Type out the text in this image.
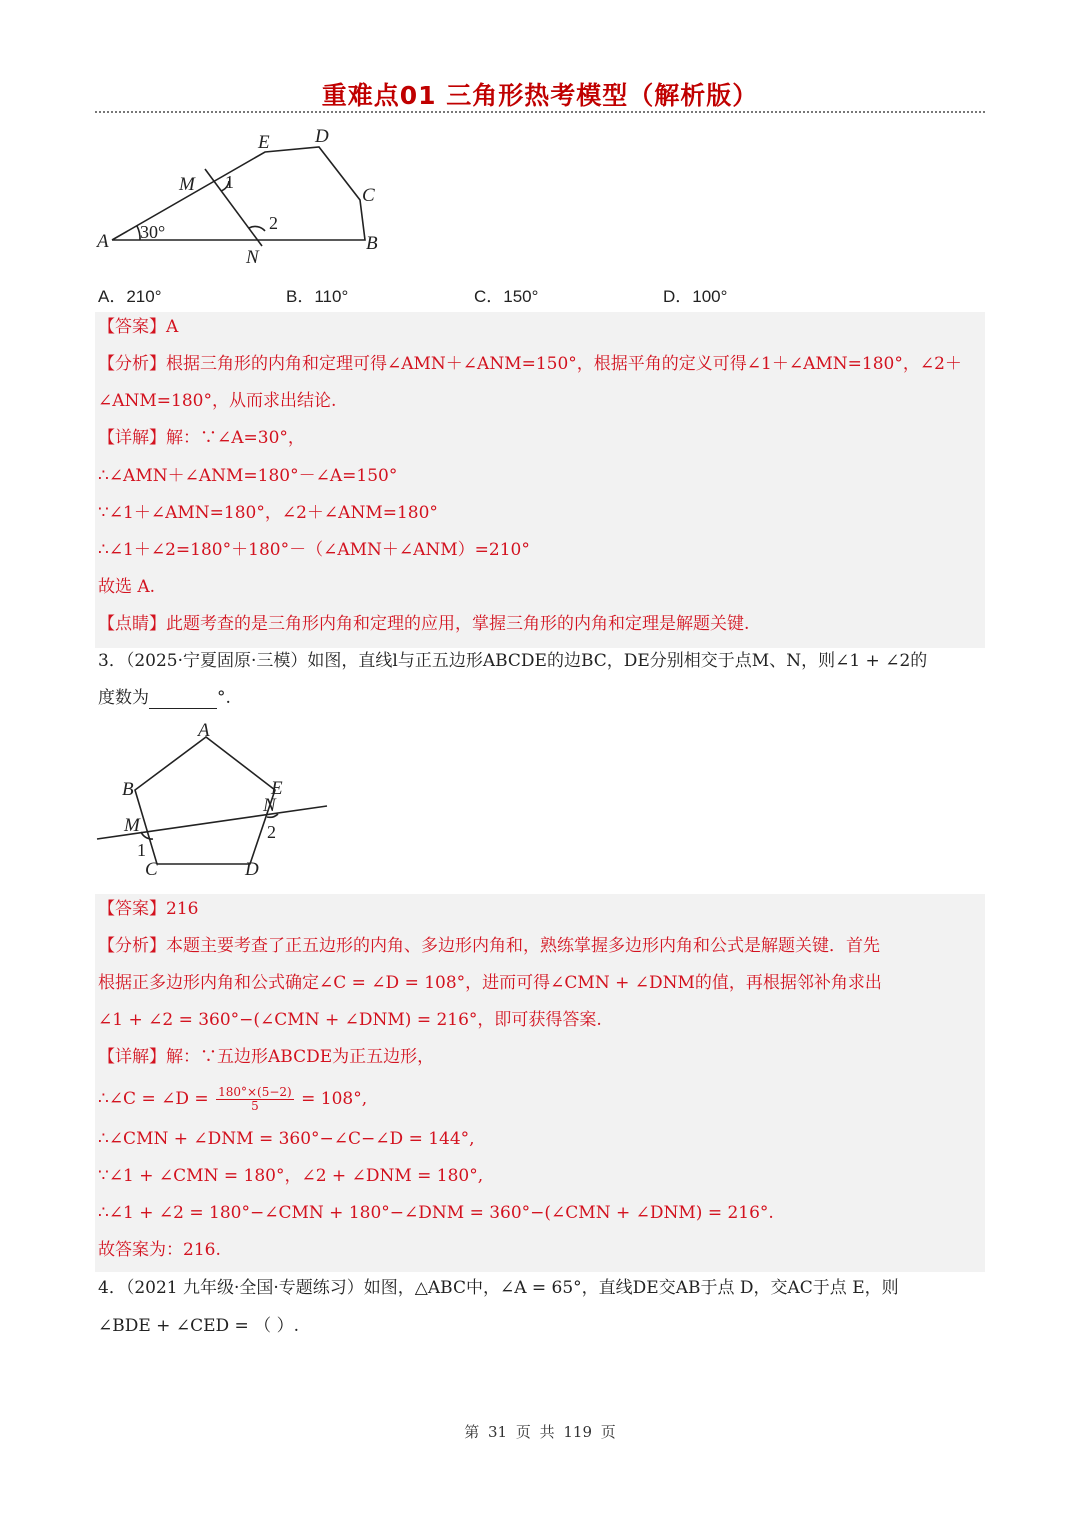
重难点01 三角形热考模型（解析版）
A	B
C
D
E
M
N
30°
1
2
A．210°	B．110°	C．150°	D．100°
【答案】A
【分析】根据三角形的内角和定理可得∠AMN＋∠ANM=150°，根据平角的定义可得∠1＋∠AMN=180°，∠2＋
∠ANM=180°，从而求出结论.
【详解】解：∵∠A=30°，
∴∠AMN＋∠ANM=180°－∠A=150°
∵∠1＋∠AMN=180°，∠2＋∠ANM=180°
∴∠1＋∠2=180°＋180°－（∠AMN＋∠ANM）=210°
故选 A.
【点睛】此题考查的是三角形内角和定理的应用，掌握三角形的内角和定理是解题关键.
3．（2025·宁夏固原·三模）如图，直线l与正五边形ABCDE的边BC，DE分别相交于点M、N，则∠1 + ∠2的
度数为	°.
A
B
C	D
E
M
N
1
2
【答案】216
【分析】本题主要考查了正五边形的内角、多边形内角和，熟练掌握多边形内角和公式是解题关键．首先
根据正多边形内角和公式确定∠C = ∠D = 108°，进而可得∠CMN + ∠DNM的值，再根据邻补角求出
∠1 + ∠2 = 360°−(∠CMN + ∠DNM) = 216°，即可获得答案.
【详解】解：∵五边形ABCDE为正五边形，
∴∠C = ∠D = $\frac{180^\circ\times(5-2)}{5} = 108^\circ$,
∴∠CMN + ∠DNM = 360°−∠C−∠D = 144°,
∵∠1 + ∠CMN = 180°，∠2 + ∠DNM = 180°,
∴∠1 + ∠2 = 180°−∠CMN + 180°−∠DNM = 360°−(∠CMN + ∠DNM) = 216°.
故答案为：216.
4．（2021 九年级·全国·专题练习）如图，△ABC中，∠A = 65°，直线DE交AB于点 D，交AC于点 E，则
∠BDE + ∠CED = （ ）.
第 31 页 共 119 页
